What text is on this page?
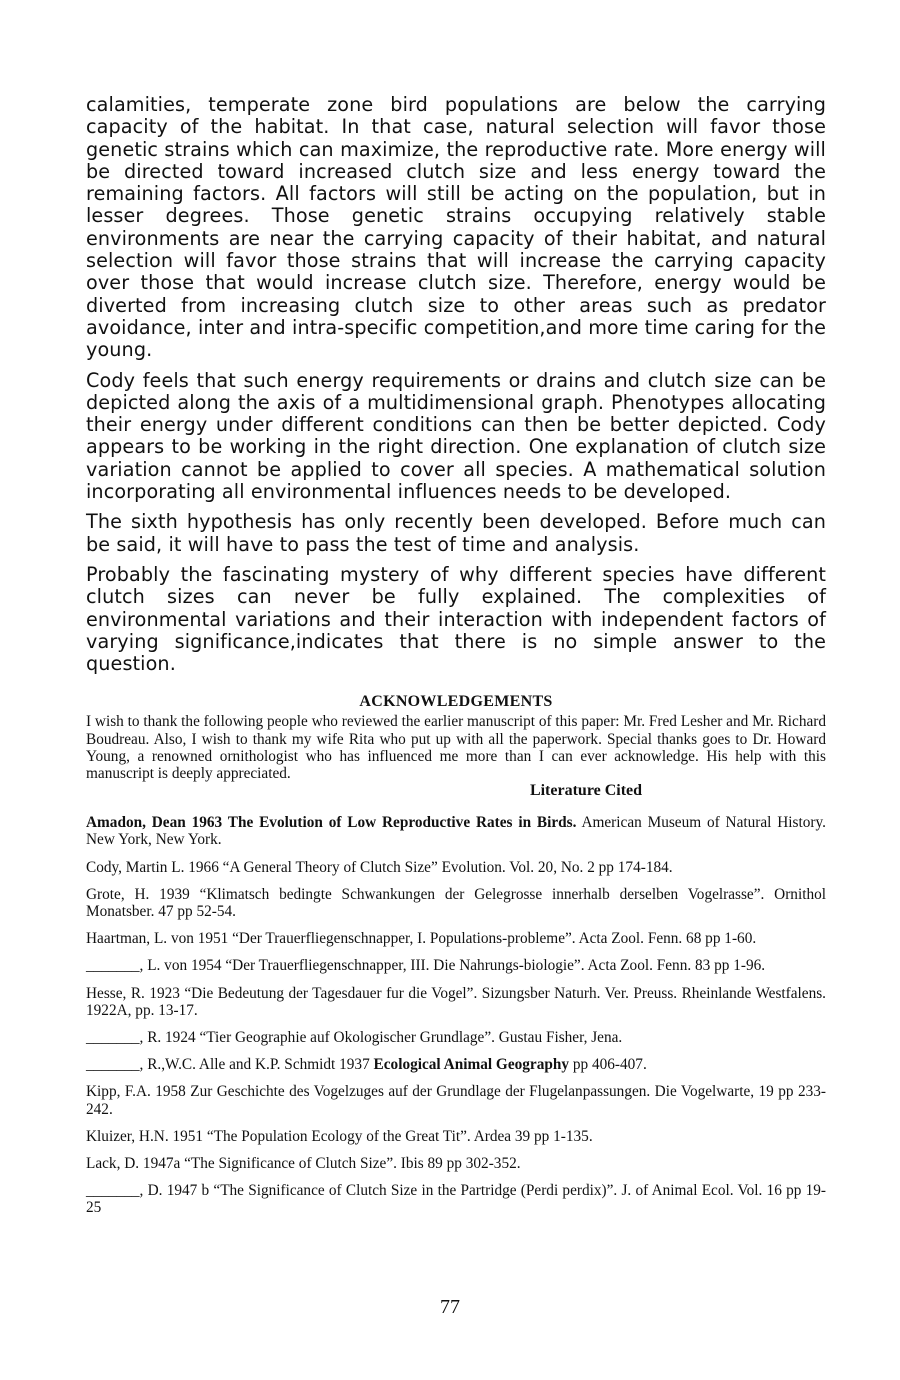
calamities, temperate zone bird populations are below the carrying capacity of the habitat. In that case, natural selection will favor those genetic strains which can maximize, the reproductive rate. More energy will be directed toward increased clutch size and less energy toward the remaining factors. All factors will still be acting on the population, but in lesser degrees. Those genetic strains occupying relatively stable environments are near the carrying capacity of their habitat, and natural selection will favor those strains that will increase the carrying capacity over those that would increase clutch size. Therefore, energy would be diverted from increasing clutch size to other areas such as predator avoidance, inter and intra-specific competition,and more time caring for the young.

Cody feels that such energy requirements or drains and clutch size can be depicted along the axis of a multidimensional graph. Phenotypes allocating their energy under different conditions can then be better depicted. Cody appears to be working in the right direction. One explanation of clutch size variation cannot be applied to cover all species. A mathematical solution incorporating all environmental influences needs to be developed.

The sixth hypothesis has only recently been developed. Before much can be said, it will have to pass the test of time and analysis.

Probably the fascinating mystery of why different species have different clutch sizes can never be fully explained. The complexities of environmental variations and their interaction with independent factors of varying significance,indicates that there is no simple answer to the question.

ACKNOWLEDGEMENTS

I wish to thank the following people who reviewed the earlier manuscript of this paper: Mr. Fred Lesher and Mr. Richard Boudreau. Also, I wish to thank my wife Rita who put up with all the paperwork. Special thanks goes to Dr. Howard Young, a renowned ornithologist who has influenced me more than I can ever acknowledge. His help with this manuscript is deeply appreciated.

Literature Cited

Amadon, Dean 1963 The Evolution of Low Reproductive Rates in Birds. American Museum of Natural History. New York, New York.

Cody, Martin L. 1966 “A General Theory of Clutch Size” Evolution. Vol. 20, No. 2 pp 174-184.

Grote, H. 1939 “Klimatsch bedingte Schwankungen der Gelegrosse innerhalb derselben Vogelrasse”. Ornithol Monatsber. 47 pp 52-54.

Haartman, L. von 1951 “Der Trauerfliegenschnapper, I. Populations-probleme”. Acta Zool. Fenn. 68 pp 1-60.

_______, L. von 1954 “Der Trauerfliegenschnapper, III. Die Nahrungs-biologie”. Acta Zool. Fenn. 83 pp 1-96.

Hesse, R. 1923 “Die Bedeutung der Tagesdauer fur die Vogel”. Sizungsber Naturh. Ver. Preuss. Rheinlande Westfalens. 1922A, pp. 13-17.

_______, R. 1924 “Tier Geographie auf Okologischer Grundlage”. Gustau Fisher, Jena.

_______, R.,W.C. Alle and K.P. Schmidt 1937 Ecological Animal Geography pp 406-407.

Kipp, F.A. 1958 Zur Geschichte des Vogelzuges auf der Grundlage der Flugelanpassungen. Die Vogelwarte, 19 pp 233-242.

Kluizer, H.N. 1951 “The Population Ecology of the Great Tit”. Ardea 39 pp 1-135.

Lack, D. 1947a “The Significance of Clutch Size”. Ibis 89 pp 302-352.

_______, D. 1947 b “The Significance of Clutch Size in the Partridge (Perdi perdix)”. J. of Animal Ecol. Vol. 16 pp 19-25

77
